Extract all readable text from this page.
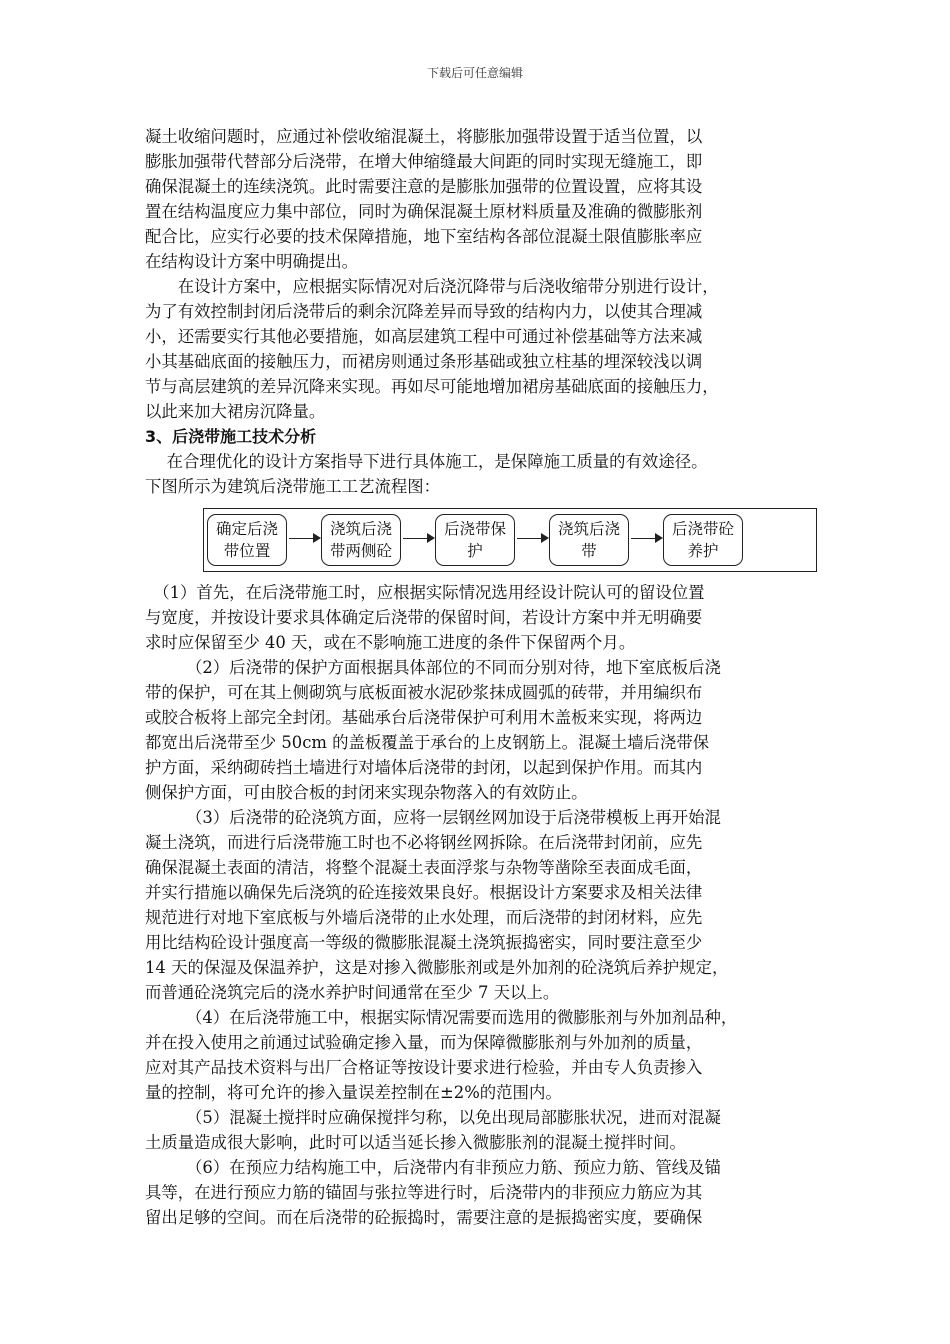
下载后可任意编辑
凝土收缩问题时，应通过补偿收缩混凝土，将膨胀加强带设置于适当位置，以
膨胀加强带代替部分后浇带，在增大伸缩缝最大间距的同时实现无缝施工，即
确保混凝土的连续浇筑。此时需要注意的是膨胀加强带的位置设置，应将其设
置在结构温度应力集中部位，同时为确保混凝土原材料质量及准确的微膨胀剂
配合比，应实行必要的技术保障措施，地下室结构各部位混凝土限值膨胀率应
在结构设计方案中明确提出。
　　在设计方案中，应根据实际情况对后浇沉降带与后浇收缩带分别进行设计，
为了有效控制封闭后浇带后的剩余沉降差异而导致的结构内力，以使其合理减
小，还需要实行其他必要措施，如高层建筑工程中可通过补偿基础等方法来减
小其基础底面的接触压力，而裙房则通过条形基础或独立柱基的埋深较浅以调
节与高层建筑的差异沉降来实现。再如尽可能地增加裙房基础底面的接触压力，
以此来加大裙房沉降量。
3、后浇带施工技术分析
　 在合理优化的设计方案指导下进行具体施工，是保障施工质量的有效途径。
下图所示为建筑后浇带施工工艺流程图：
确定后浇带位置
浇筑后浇带两侧砼
后浇带保护
浇筑后浇带
后浇带砼养护
　（1）首先，在后浇带施工时，应根据实际情况选用经设计院认可的留设位置
与宽度，并按设计要求具体确定后浇带的保留时间，若设计方案中并无明确要
求时应保留至少 40 天，或在不影响施工进度的条件下保留两个月。
　　　（2）后浇带的保护方面根据具体部位的不同而分别对待，地下室底板后浇
带的保护，可在其上侧砌筑与底板面被水泥砂浆抹成圆弧的砖带，并用编织布
或胶合板将上部完全封闭。基础承台后浇带保护可利用木盖板来实现，将两边
都宽出后浇带至少 50cm 的盖板覆盖于承台的上皮钢筋上。混凝土墙后浇带保
护方面，采纳砌砖挡土墙进行对墙体后浇带的封闭，以起到保护作用。而其内
侧保护方面，可由胶合板的封闭来实现杂物落入的有效防止。
　　　（3）后浇带的砼浇筑方面，应将一层钢丝网加设于后浇带模板上再开始混
凝土浇筑，而进行后浇带施工时也不必将钢丝网拆除。在后浇带封闭前，应先
确保混凝土表面的清洁，将整个混凝土表面浮浆与杂物等凿除至表面成毛面，
并实行措施以确保先后浇筑的砼连接效果良好。根据设计方案要求及相关法律
规范进行对地下室底板与外墙后浇带的止水处理，而后浇带的封闭材料，应先
用比结构砼设计强度高一等级的微膨胀混凝土浇筑振捣密实，同时要注意至少
14 天的保湿及保温养护，这是对掺入微膨胀剂或是外加剂的砼浇筑后养护规定，
而普通砼浇筑完后的浇水养护时间通常在至少 7 天以上。
　　　（4）在后浇带施工中，根据实际情况需要而选用的微膨胀剂与外加剂品种，
并在投入使用之前通过试验确定掺入量，而为保障微膨胀剂与外加剂的质量，
应对其产品技术资料与出厂合格证等按设计要求进行检验，并由专人负责掺入
量的控制，将可允许的掺入量误差控制在±2%的范围内。
　　　（5）混凝土搅拌时应确保搅拌匀称，以免出现局部膨胀状况，进而对混凝
土质量造成很大影响，此时可以适当延长掺入微膨胀剂的混凝土搅拌时间。
　　　（6）在预应力结构施工中，后浇带内有非预应力筋、预应力筋、管线及锚
具等，在进行预应力筋的锚固与张拉等进行时，后浇带内的非预应力筋应为其
留出足够的空间。而在后浇带的砼振捣时，需要注意的是振捣密实度，要确保
